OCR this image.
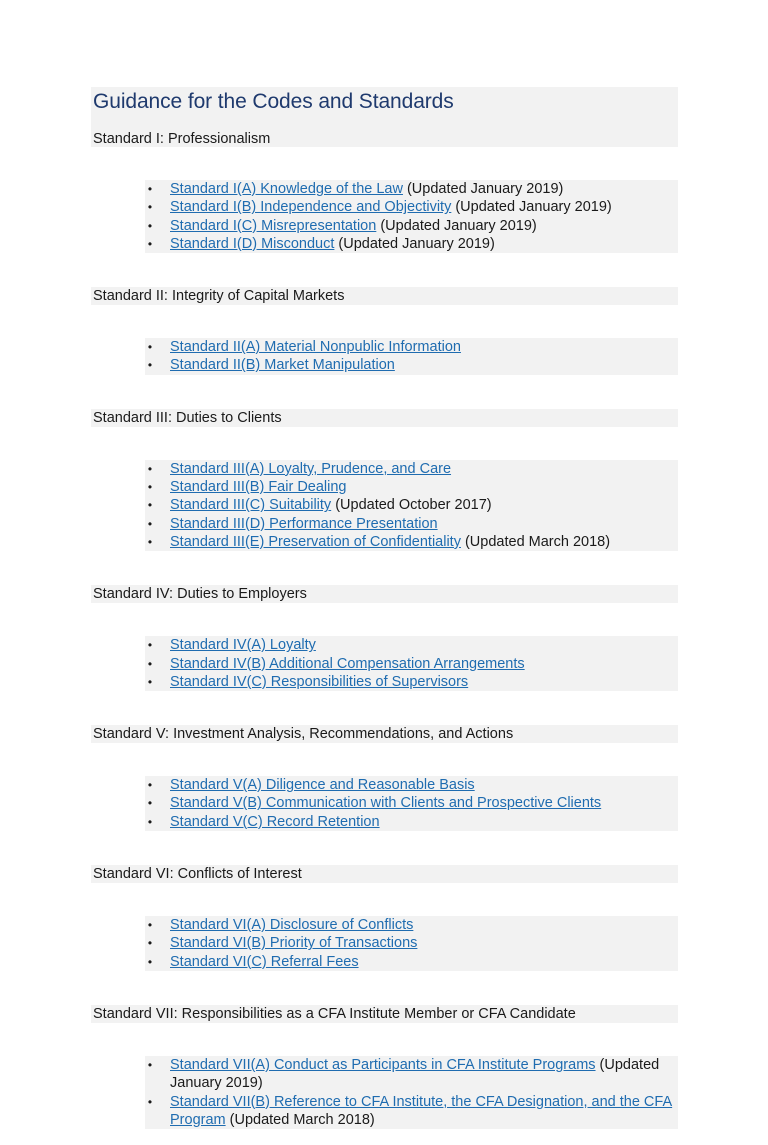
Guidance for the Codes and Standards
Standard I: Professionalism
• Standard I(A) Knowledge of the Law (Updated January 2019)
• Standard I(B) Independence and Objectivity (Updated January 2019)
• Standard I(C) Misrepresentation (Updated January 2019)
• Standard I(D) Misconduct (Updated January 2019)
Standard II: Integrity of Capital Markets
• Standard II(A) Material Nonpublic Information
• Standard II(B) Market Manipulation
Standard III: Duties to Clients
• Standard III(A) Loyalty, Prudence, and Care
• Standard III(B) Fair Dealing
• Standard III(C) Suitability (Updated October 2017)
• Standard III(D) Performance Presentation
• Standard III(E) Preservation of Confidentiality (Updated March 2018)
Standard IV: Duties to Employers
• Standard IV(A) Loyalty
• Standard IV(B) Additional Compensation Arrangements
• Standard IV(C) Responsibilities of Supervisors
Standard V: Investment Analysis, Recommendations, and Actions
• Standard V(A) Diligence and Reasonable Basis
• Standard V(B) Communication with Clients and Prospective Clients
• Standard V(C) Record Retention
Standard VI: Conflicts of Interest
• Standard VI(A) Disclosure of Conflicts
• Standard VI(B) Priority of Transactions
• Standard VI(C) Referral Fees
Standard VII: Responsibilities as a CFA Institute Member or CFA Candidate
• Standard VII(A) Conduct as Participants in CFA Institute Programs (Updated January 2019)
• Standard VII(B) Reference to CFA Institute, the CFA Designation, and the CFA Program (Updated March 2018)
